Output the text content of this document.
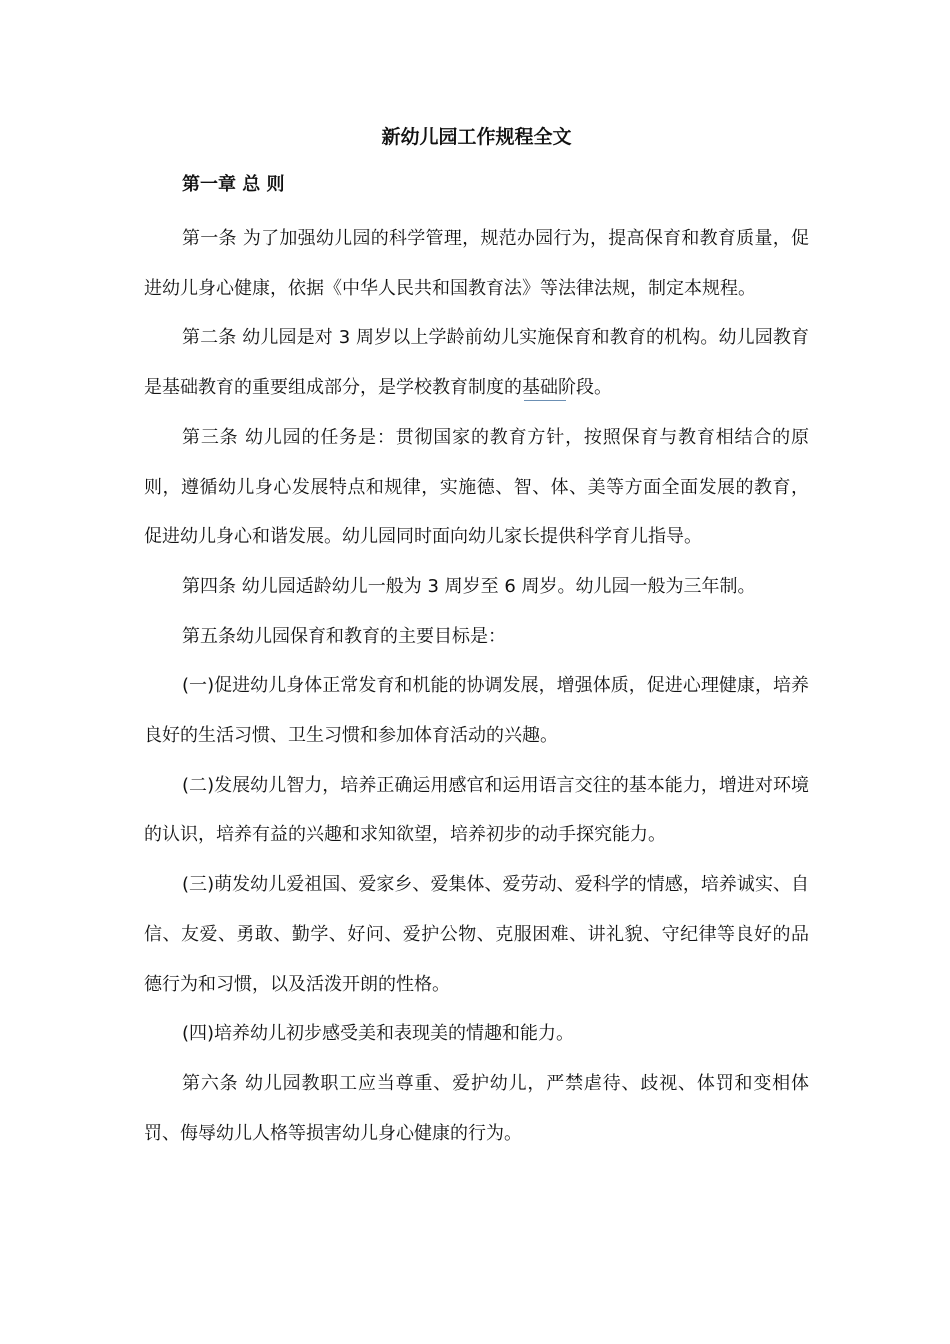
新幼儿园工作规程全文
第一章 总 则

第一条 为了加强幼儿园的科学管理，规范办园行为，提高保育和教育质量，促进幼儿身心健康，依据《中华人民共和国教育法》等法律法规，制定本规程。

第二条 幼儿园是对 3 周岁以上学龄前幼儿实施保育和教育的机构。幼儿园教育是基础教育的重要组成部分，是学校教育制度的基础阶段。

第三条 幼儿园的任务是：贯彻国家的教育方针，按照保育与教育相结合的原则，遵循幼儿身心发展特点和规律，实施德、智、体、美等方面全面发展的教育，促进幼儿身心和谐发展。幼儿园同时面向幼儿家长提供科学育儿指导。

第四条 幼儿园适龄幼儿一般为 3 周岁至 6 周岁。幼儿园一般为三年制。

第五条幼儿园保育和教育的主要目标是：

(一)促进幼儿身体正常发育和机能的协调发展，增强体质，促进心理健康，培养良好的生活习惯、卫生习惯和参加体育活动的兴趣。

(二)发展幼儿智力，培养正确运用感官和运用语言交往的基本能力，增进对环境的认识，培养有益的兴趣和求知欲望，培养初步的动手探究能力。

(三)萌发幼儿爱祖国、爱家乡、爱集体、爱劳动、爱科学的情感，培养诚实、自信、友爱、勇敢、勤学、好问、爱护公物、克服困难、讲礼貌、守纪律等良好的品德行为和习惯，以及活泼开朗的性格。

(四)培养幼儿初步感受美和表现美的情趣和能力。

第六条 幼儿园教职工应当尊重、爱护幼儿，严禁虐待、歧视、体罚和变相体罚、侮辱幼儿人格等损害幼儿身心健康的行为。
